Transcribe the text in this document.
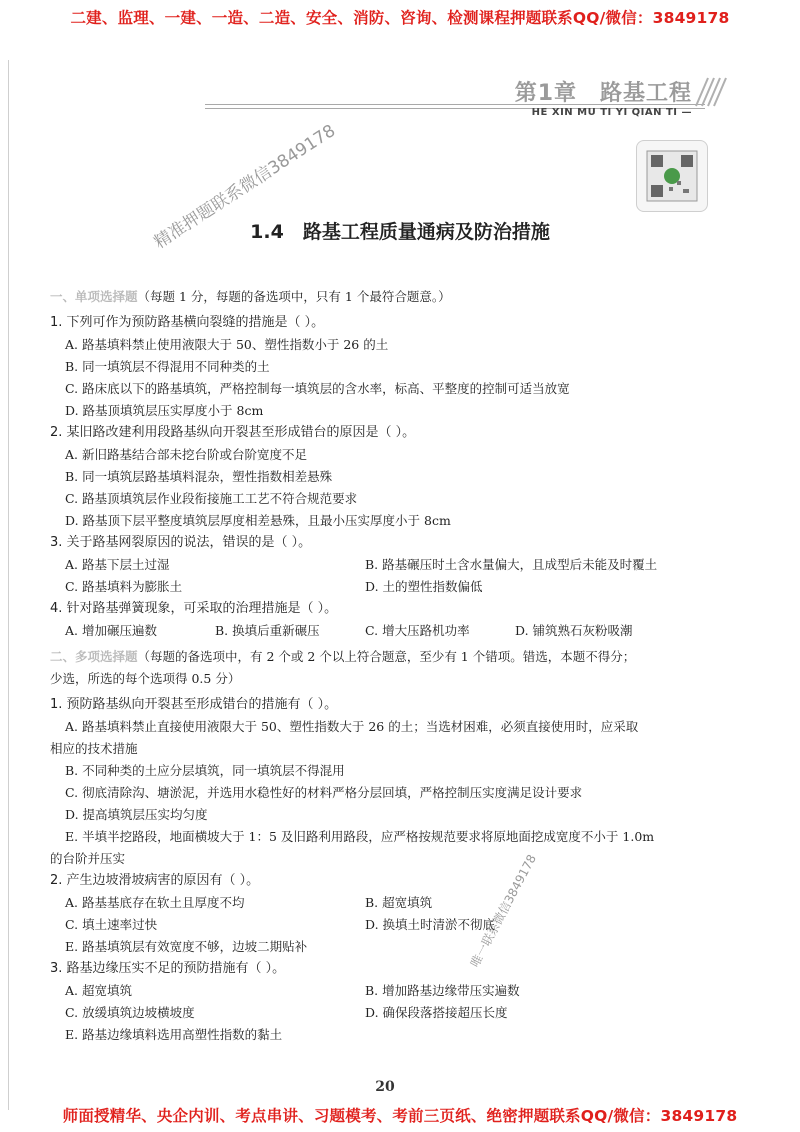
二建、监理、一建、一造、二造、安全、消防、咨询、检测课程押题联系QQ/微信：3849178
第1章　路基工程
HE XIN MU TI YI QIAN TI —
精准押题联系微信3849178
1.4　路基工程质量通病及防治措施
一、单项选择题（每题 1 分，每题的备选项中，只有 1 个最符合题意。）
1. 下列可作为预防路基横向裂缝的措施是（ ）。
A. 路基填料禁止使用液限大于 50、塑性指数小于 26 的土
B. 同一填筑层不得混用不同种类的土
C. 路床底以下的路基填筑，严格控制每一填筑层的含水率，标高、平整度的控制可适当放宽
D. 路基顶填筑层压实厚度小于 8cm
2. 某旧路改建利用段路基纵向开裂甚至形成错台的原因是（ ）。
A. 新旧路基结合部未挖台阶或台阶宽度不足
B. 同一填筑层路基填料混杂，塑性指数相差悬殊
C. 路基顶填筑层作业段衔接施工工艺不符合规范要求
D. 路基顶下层平整度填筑层厚度相差悬殊，且最小压实厚度小于 8cm
3. 关于路基网裂原因的说法，错误的是（ ）。
A. 路基下层土过湿	B. 路基碾压时土含水量偏大，且成型后未能及时覆土
C. 路基填料为膨胀土	D. 土的塑性指数偏低
4. 针对路基弹簧现象，可采取的治理措施是（ ）。
A. 增加碾压遍数	B. 换填后重新碾压	C. 增大压路机功率	D. 铺筑熟石灰粉吸潮
二、多项选择题（每题的备选项中，有 2 个或 2 个以上符合题意，至少有 1 个错项。错选，本题不得分；
少选，所选的每个选项得 0.5 分）
1. 预防路基纵向开裂甚至形成错台的措施有（ ）。
A. 路基填料禁止直接使用液限大于 50、塑性指数大于 26 的土；当选材困难，必须直接使用时，应采取
相应的技术措施
B. 不同种类的土应分层填筑，同一填筑层不得混用
C. 彻底清除沟、塘淤泥，并选用水稳性好的材料严格分层回填，严格控制压实度满足设计要求
D. 提高填筑层压实均匀度
E. 半填半挖路段，地面横坡大于 1：5 及旧路利用路段，应严格按规范要求将原地面挖成宽度不小于 1.0m
的台阶并压实
2. 产生边坡滑坡病害的原因有（ ）。
A. 路基基底存在软土且厚度不均	B. 超宽填筑
C. 填土速率过快	D. 换填土时清淤不彻底
E. 路基填筑层有效宽度不够，边坡二期贴补
3. 路基边缘压实不足的预防措施有（ ）。
A. 超宽填筑	B. 增加路基边缘带压实遍数
C. 放缓填筑边坡横坡度	D. 确保段落搭接超压长度
E. 路基边缘填料选用高塑性指数的黏土
唯一联系微信3849178
20
师面授精华、央企内训、考点串讲、习题模考、考前三页纸、绝密押题联系QQ/微信：3849178
